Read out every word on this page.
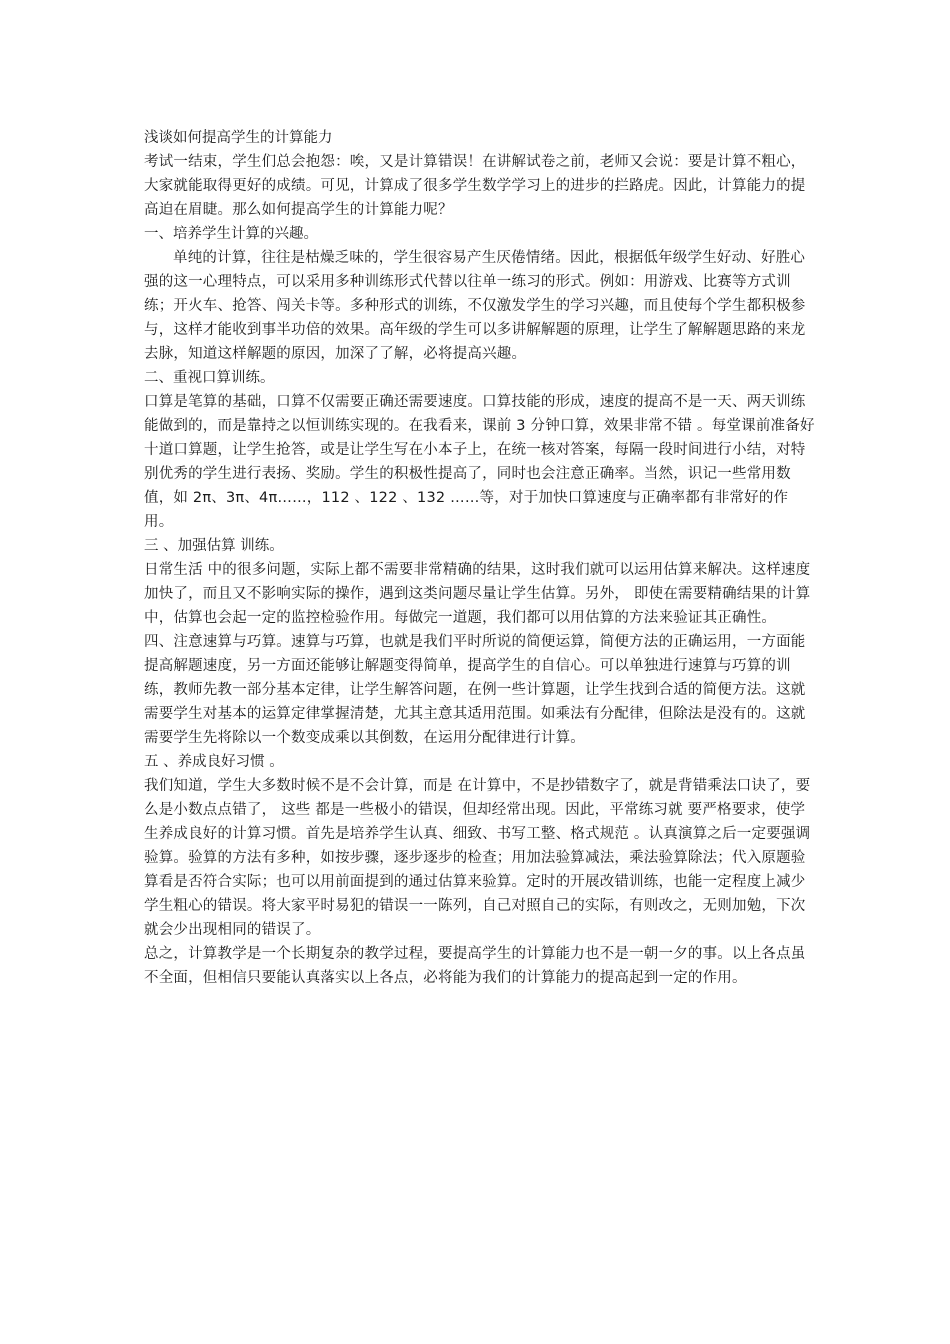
浅谈如何提高学生的计算能力

考试一结束，学生们总会抱怨：唉，又是计算错误！在讲解试卷之前，老师又会说：要是计算不粗心，大家就能取得更好的成绩。可见，计算成了很多学生数学学习上的进步的拦路虎。因此，计算能力的提高迫在眉睫。那么如何提高学生的计算能力呢？

一、培养学生计算的兴趣。

单纯的计算，往往是枯燥乏味的，学生很容易产生厌倦情绪。因此，根据低年级学生好动、好胜心强的这一心理特点，可以采用多种训练形式代替以往单一练习的形式。例如：用游戏、比赛等方式训练；开火车、抢答、闯关卡等。多种形式的训练，不仅激发学生的学习兴趣，而且使每个学生都积极参与，这样才能收到事半功倍的效果。高年级的学生可以多讲解解题的原理，让学生了解解题思路的来龙去脉，知道这样解题的原因，加深了了解，必将提高兴趣。

二、重视口算训练。

口算是笔算的基础，口算不仅需要正确还需要速度。口算技能的形成，速度的提高不是一天、两天训练能做到的，而是靠持之以恒训练实现的。在我看来，课前 3 分钟口算，效果非常不错 。每堂课前准备好十道口算题，让学生抢答，或是让学生写在小本子上，在统一核对答案，每隔一段时间进行小结，对特别优秀的学生进行表扬、奖励。学生的积极性提高了，同时也会注意正确率。当然，识记一些常用数值，如 2π、3π、4π……，112 、122 、132 ……等，对于加快口算速度与正确率都有非常好的作用。

三 、加强估算 训练。

日常生活 中的很多问题，实际上都不需要非常精确的结果，这时我们就可以运用估算来解决。这样速度加快了，而且又不影响实际的操作，遇到这类问题尽量让学生估算。另外， 即使在需要精确结果的计算中，估算也会起一定的监控检验作用。每做完一道题，我们都可以用估算的方法来验证其正确性。

四、注意速算与巧算。速算与巧算，也就是我们平时所说的简便运算，简便方法的正确运用，一方面能提高解题速度，另一方面还能够让解题变得简单，提高学生的自信心。可以单独进行速算与巧算的训练，教师先教一部分基本定律，让学生解答问题，在例一些计算题，让学生找到合适的简便方法。这就需要学生对基本的运算定律掌握清楚，尤其主意其适用范围。如乘法有分配律，但除法是没有的。这就需要学生先将除以一个数变成乘以其倒数，在运用分配律进行计算。

五 、养成良好习惯 。

我们知道，学生大多数时候不是不会计算，而是 在计算中，不是抄错数字了，就是背错乘法口诀了，要么是小数点点错了， 这些 都是一些极小的错误，但却经常出现。因此，平常练习就 要严格要求，使学生养成良好的计算习惯。首先是培养学生认真、细致、书写工整、格式规范 。认真演算之后一定要强调验算。验算的方法有多种，如按步骤，逐步逐步的检查；用加法验算减法，乘法验算除法；代入原题验算看是否符合实际；也可以用前面提到的通过估算来验算。定时的开展改错训练，也能一定程度上减少学生粗心的错误。将大家平时易犯的错误一一陈列，自己对照自己的实际，有则改之，无则加勉，下次就会少出现相同的错误了。

总之，计算教学是一个长期复杂的教学过程，要提高学生的计算能力也不是一朝一夕的事。以上各点虽不全面，但相信只要能认真落实以上各点，必将能为我们的计算能力的提高起到一定的作用。
